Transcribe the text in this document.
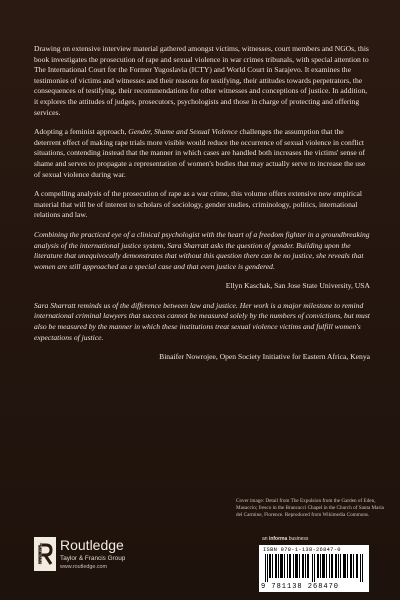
Drawing on extensive interview material gathered amongst victims, witnesses, court members and NGOs, this book investigates the prosecution of rape and sexual violence in war crimes tribunals, with special attention to The International Court for the Former Yugoslavia (ICTY) and World Court in Sarajevo. It examines the testimonies of victims and witnesses and their reasons for testifying, their attitudes towards perpetrators, the consequences of testifying, their recommendations for other witnesses and conceptions of justice. In addition, it explores the attitudes of judges, prosecutors, psychologists and those in charge of protecting and offering services.

Adopting a feminist approach, Gender, Shame and Sexual Violence challenges the assumption that the deterrent effect of making rape trials more visible would reduce the occurrence of sexual violence in conflict situations, contending instead that the manner in which cases are handled both increases the victims' sense of shame and serves to propagate a representation of women's bodies that may actually serve to increase the use of sexual violence during war.

A compelling analysis of the prosecution of rape as a war crime, this volume offers extensive new empirical material that will be of interest to scholars of sociology, gender studies, criminology, politics, international relations and law.

Combining the practiced eye of a clinical psychologist with the heart of a freedom fighter in a groundbreaking analysis of the international justice system, Sara Sharratt asks the question of gender. Building upon the literature that unequivocally demonstrates that without this question there can be no justice, she reveals that women are still approached as a special case and that even justice is gendered.

Ellyn Kaschak, San Jose State University, USA

Sara Sharratt reminds us of the difference between law and justice. Her work is a major milestone to remind international criminal lawyers that success cannot be measured solely by the numbers of convictions, but must also be measured by the manner in which these institutions treat sexual violence victims and fulfill women's expectations of justice.

Binaifer Nowrojee, Open Society Initiative for Eastern Africa, Kenya

Cover image: Detail from The Expulsion from the Garden of Eden, Masaccio; fresco in the Brancacci Chapel in the Church of Santa Maria del Carmine, Florence. Reproduced from Wikimedia Commons.
an informa business
ISBN 978-1-138-26847-0
9 781138 268470
ROUTLEDGE Routledge
Taylor & Francis Group
www.routledge.com
